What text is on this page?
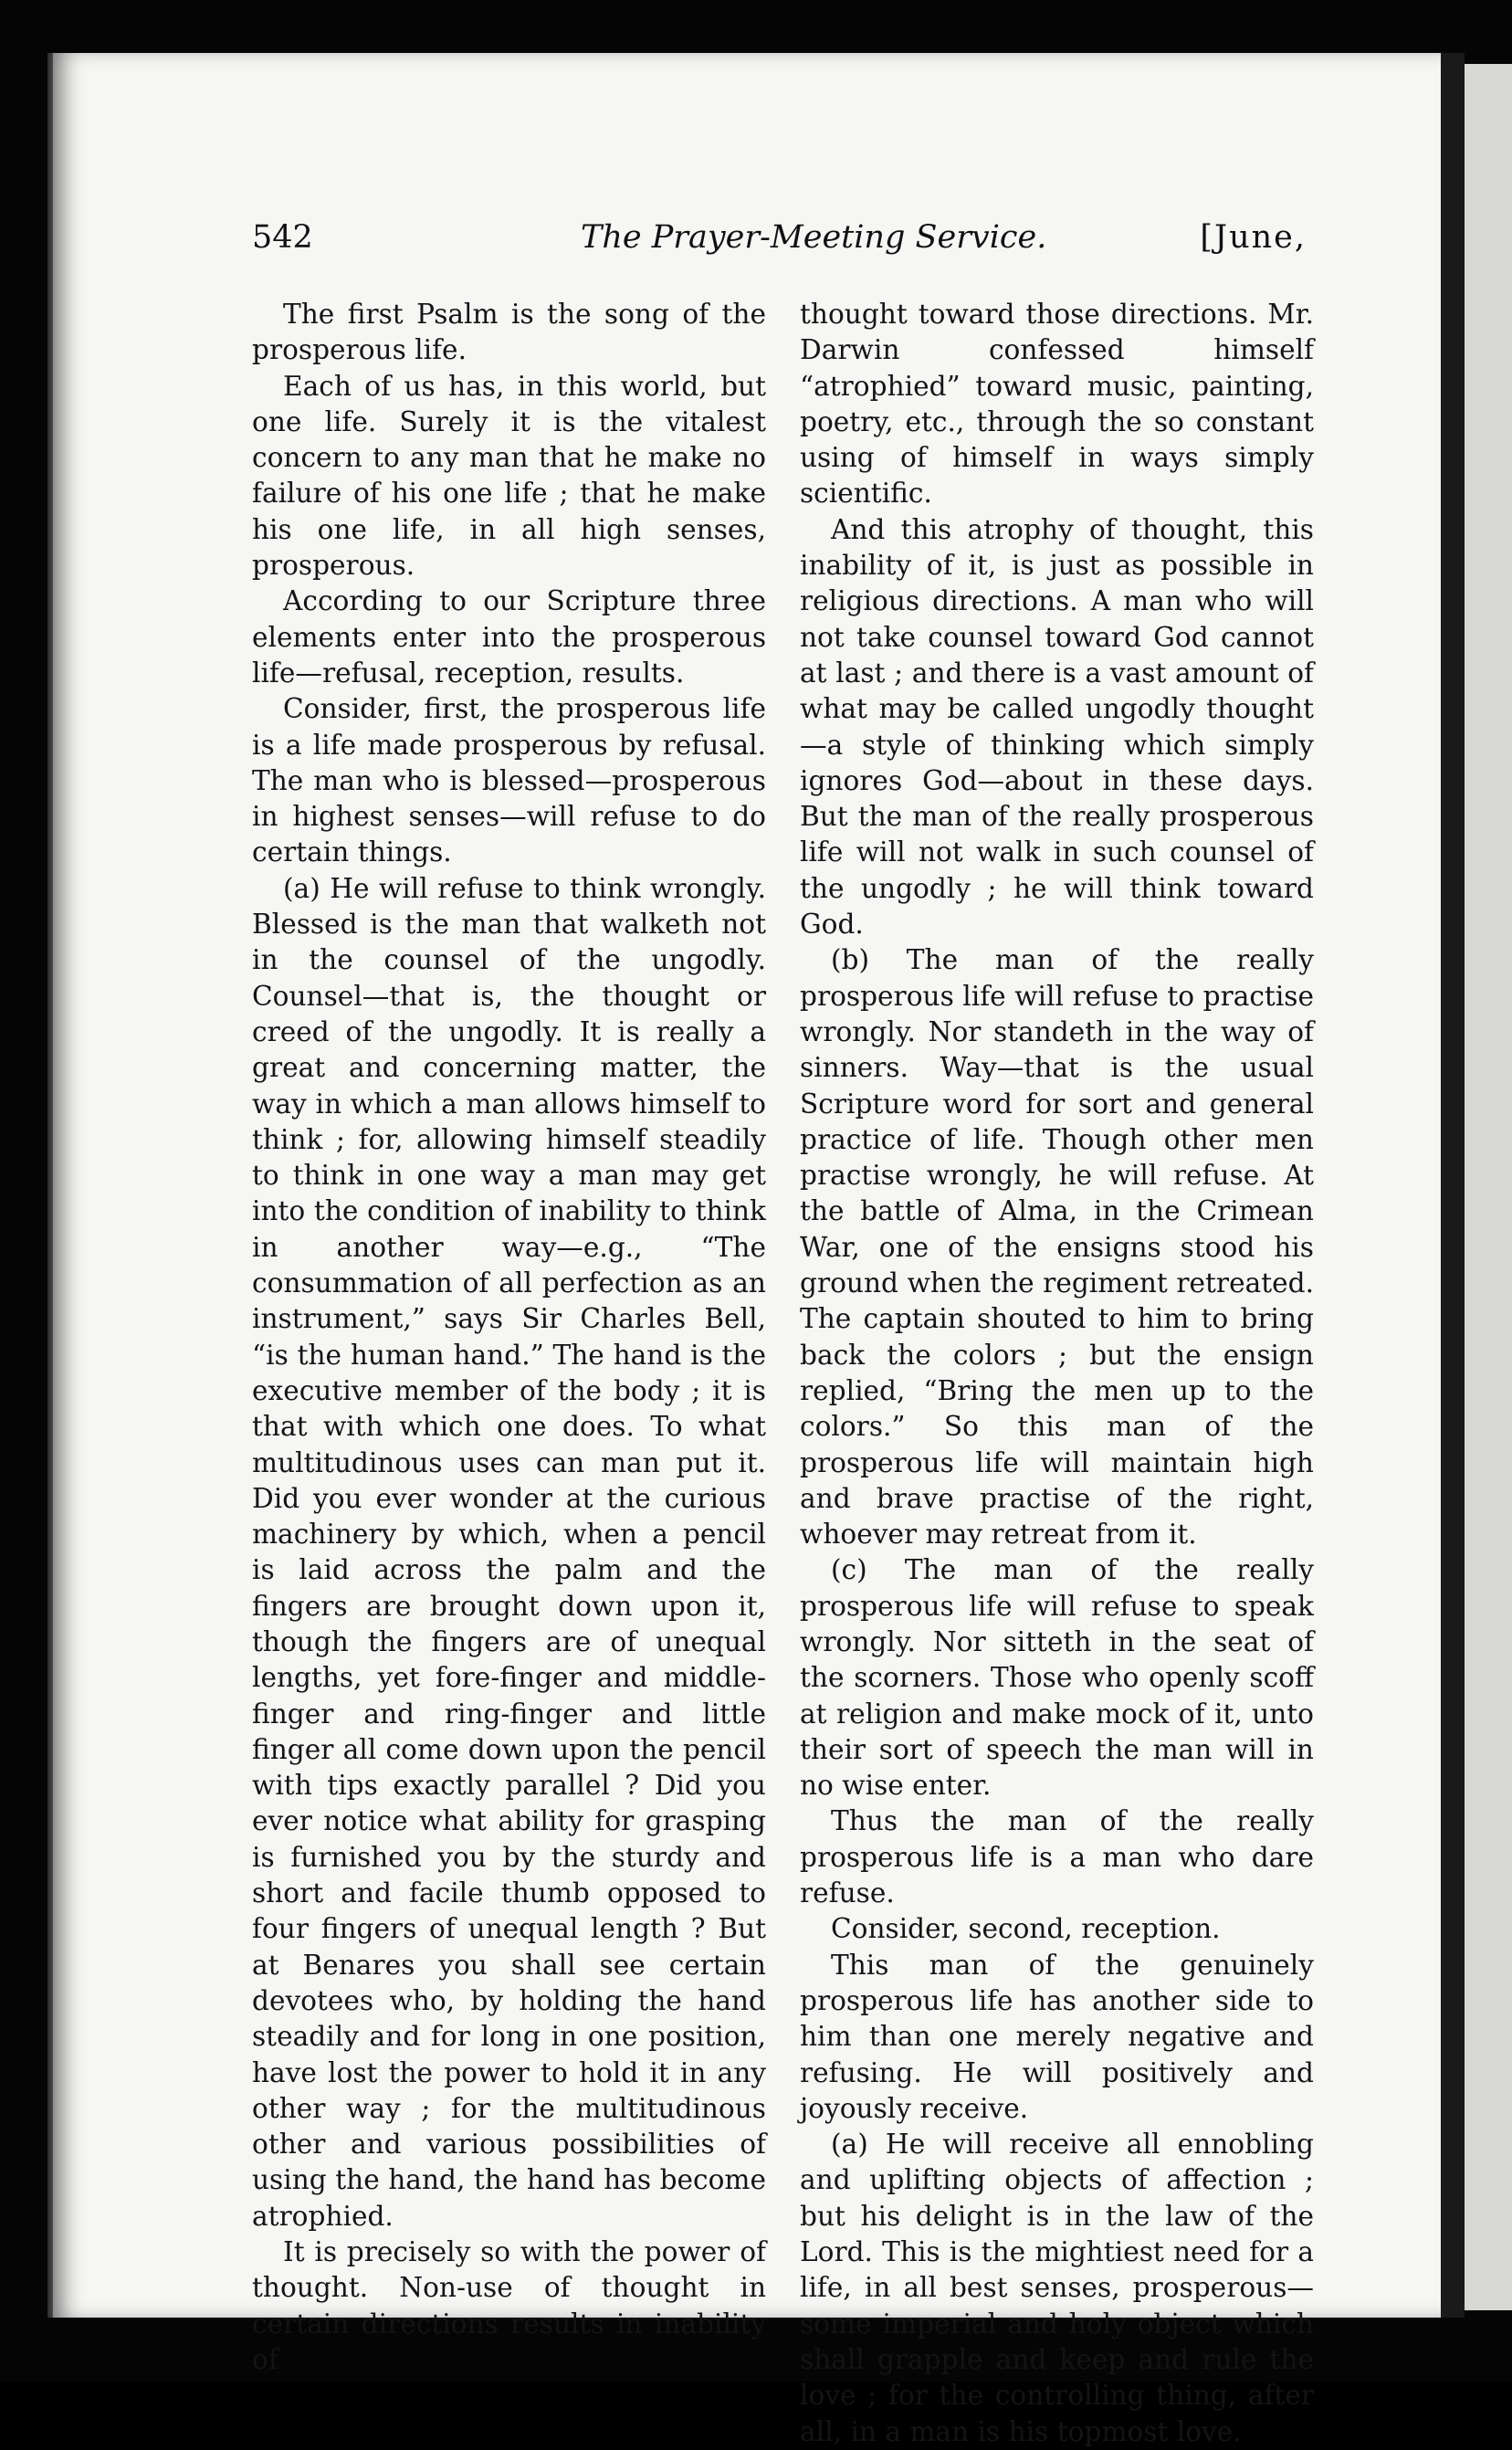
542	The Prayer-Meeting Service.	[June,

The first Psalm is the song of the prosperous life.

Each of us has, in this world, but one life. Surely it is the vitalest concern to any man that he make no failure of his one life ; that he make his one life, in all high senses, prosperous.

According to our Scripture three elements enter into the prosperous life—refusal, reception, results.

Consider, first, the prosperous life is a life made prosperous by refusal. The man who is blessed—prosperous in highest senses—will refuse to do certain things.

(a) He will refuse to think wrongly. Blessed is the man that walketh not in the counsel of the ungodly. Counsel—that is, the thought or creed of the ungodly. It is really a great and concerning matter, the way in which a man allows himself to think ; for, allowing himself steadily to think in one way a man may get into the condition of inability to think in another way—e.g., “The consummation of all perfection as an instrument,” says Sir Charles Bell, “is the human hand.” The hand is the executive member of the body ; it is that with which one does. To what multitudinous uses can man put it. Did you ever wonder at the curious machinery by which, when a pencil is laid across the palm and the fingers are brought down upon it, though the fingers are of unequal lengths, yet fore-finger and middle-finger and ring-finger and little finger all come down upon the pencil with tips exactly parallel ? Did you ever notice what ability for grasping is furnished you by the sturdy and short and facile thumb opposed to four fingers of unequal length ? But at Benares you shall see certain devotees who, by holding the hand steadily and for long in one position, have lost the power to hold it in any other way ; for the multitudinous other and various possibilities of using the hand, the hand has become atrophied.

It is precisely so with the power of thought. Non-use of thought in certain directions results in inability of

thought toward those directions. Mr. Darwin confessed himself “atrophied” toward music, painting, poetry, etc., through the so constant using of himself in ways simply scientific.

And this atrophy of thought, this inability of it, is just as possible in religious directions. A man who will not take counsel toward God cannot at last ; and there is a vast amount of what may be called ungodly thought—a style of thinking which simply ignores God—about in these days. But the man of the really prosperous life will not walk in such counsel of the ungodly ; he will think toward God.

(b) The man of the really prosperous life will refuse to practise wrongly. Nor standeth in the way of sinners. Way—that is the usual Scripture word for sort and general practice of life. Though other men practise wrongly, he will refuse. At the battle of Alma, in the Crimean War, one of the ensigns stood his ground when the regiment retreated. The captain shouted to him to bring back the colors ; but the ensign replied, “Bring the men up to the colors.” So this man of the prosperous life will maintain high and brave practise of the right, whoever may retreat from it.

(c) The man of the really prosperous life will refuse to speak wrongly. Nor sitteth in the seat of the scorners. Those who openly scoff at religion and make mock of it, unto their sort of speech the man will in no wise enter.

Thus the man of the really prosperous life is a man who dare refuse.

Consider, second, reception.

This man of the genuinely prosperous life has another side to him than one merely negative and refusing. He will positively and joyously receive.

(a) He will receive all ennobling and uplifting objects of affection ; but his delight is in the law of the Lord. This is the mightiest need for a life, in all best senses, prosperous—some imperial and holy object which shall grapple and keep and rule the love ; for the controlling thing, after all, in a man is his topmost love.
